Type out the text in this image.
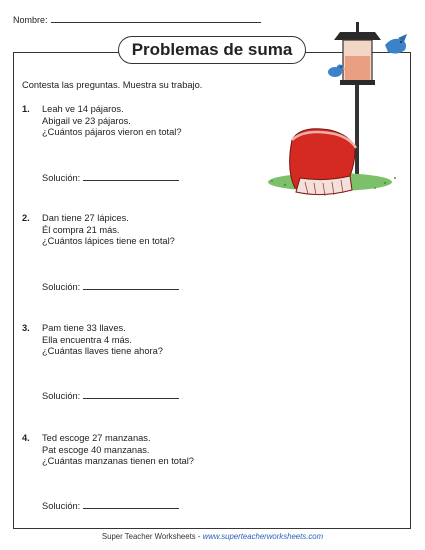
Nombre:
Problemas de suma
Contesta las preguntas. Muestra su trabajo.
1. Leah ve 14 pájaros.
Abigail ve 23 pájaros.
¿Cuántos pájaros vieron en total?
Solución:
2. Dan tiene 27 lápices.
Él compra 21 más.
¿Cuántos lápices tiene en total?
Solución:
3. Pam tiene 33 llaves.
Ella encuentra 4 más.
¿Cuántas llaves tiene ahora?
Solución:
4. Ted escoge 27 manzanas.
Pat escoge 40 manzanas.
¿Cuántas manzanas tienen en total?
Solución:
Super Teacher Worksheets - www.superteacherworksheets.com
